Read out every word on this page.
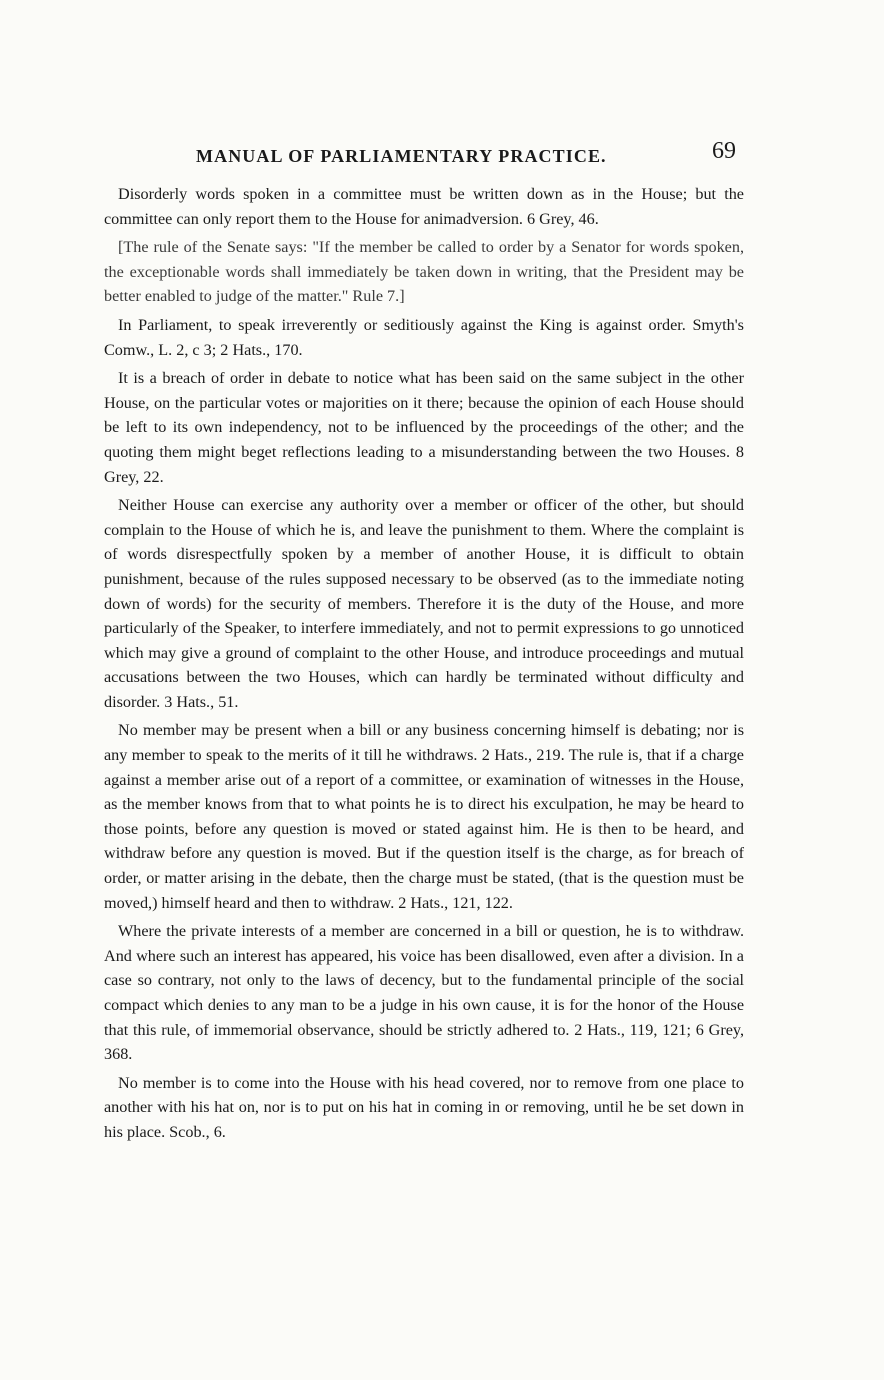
MANUAL OF PARLIAMENTARY PRACTICE.	69

Disorderly words spoken in a committee must be written down as in the House; but the committee can only report them to the House for animadversion. 6 Grey, 46.

[The rule of the Senate says: "If the member be called to order by a Senator for words spoken, the exceptionable words shall immediately be taken down in writing, that the President may be better enabled to judge of the matter." Rule 7.]

In Parliament, to speak irreverently or seditiously against the King is against order. Smyth's Comw., L. 2, c 3; 2 Hats., 170.

It is a breach of order in debate to notice what has been said on the same subject in the other House, on the particular votes or majorities on it there; because the opinion of each House should be left to its own independency, not to be influenced by the proceedings of the other; and the quoting them might beget reflections leading to a misunderstanding between the two Houses. 8 Grey, 22.

Neither House can exercise any authority over a member or officer of the other, but should complain to the House of which he is, and leave the punishment to them. Where the complaint is of words disrespectfully spoken by a member of another House, it is difficult to obtain punishment, because of the rules supposed necessary to be observed (as to the immediate noting down of words) for the security of members. Therefore it is the duty of the House, and more particularly of the Speaker, to interfere immediately, and not to permit expressions to go unnoticed which may give a ground of complaint to the other House, and introduce proceedings and mutual accusations between the two Houses, which can hardly be terminated without difficulty and disorder. 3 Hats., 51.

No member may be present when a bill or any business concerning himself is debating; nor is any member to speak to the merits of it till he withdraws. 2 Hats., 219. The rule is, that if a charge against a member arise out of a report of a committee, or examination of witnesses in the House, as the member knows from that to what points he is to direct his exculpation, he may be heard to those points, before any question is moved or stated against him. He is then to be heard, and withdraw before any question is moved. But if the question itself is the charge, as for breach of order, or matter arising in the debate, then the charge must be stated, (that is the question must be moved,) himself heard and then to withdraw. 2 Hats., 121, 122.

Where the private interests of a member are concerned in a bill or question, he is to withdraw. And where such an interest has appeared, his voice has been disallowed, even after a division. In a case so contrary, not only to the laws of decency, but to the fundamental principle of the social compact which denies to any man to be a judge in his own cause, it is for the honor of the House that this rule, of immemorial observance, should be strictly adhered to. 2 Hats., 119, 121; 6 Grey, 368.

No member is to come into the House with his head covered, nor to remove from one place to another with his hat on, nor is to put on his hat in coming in or removing, until he be set down in his place. Scob., 6.
